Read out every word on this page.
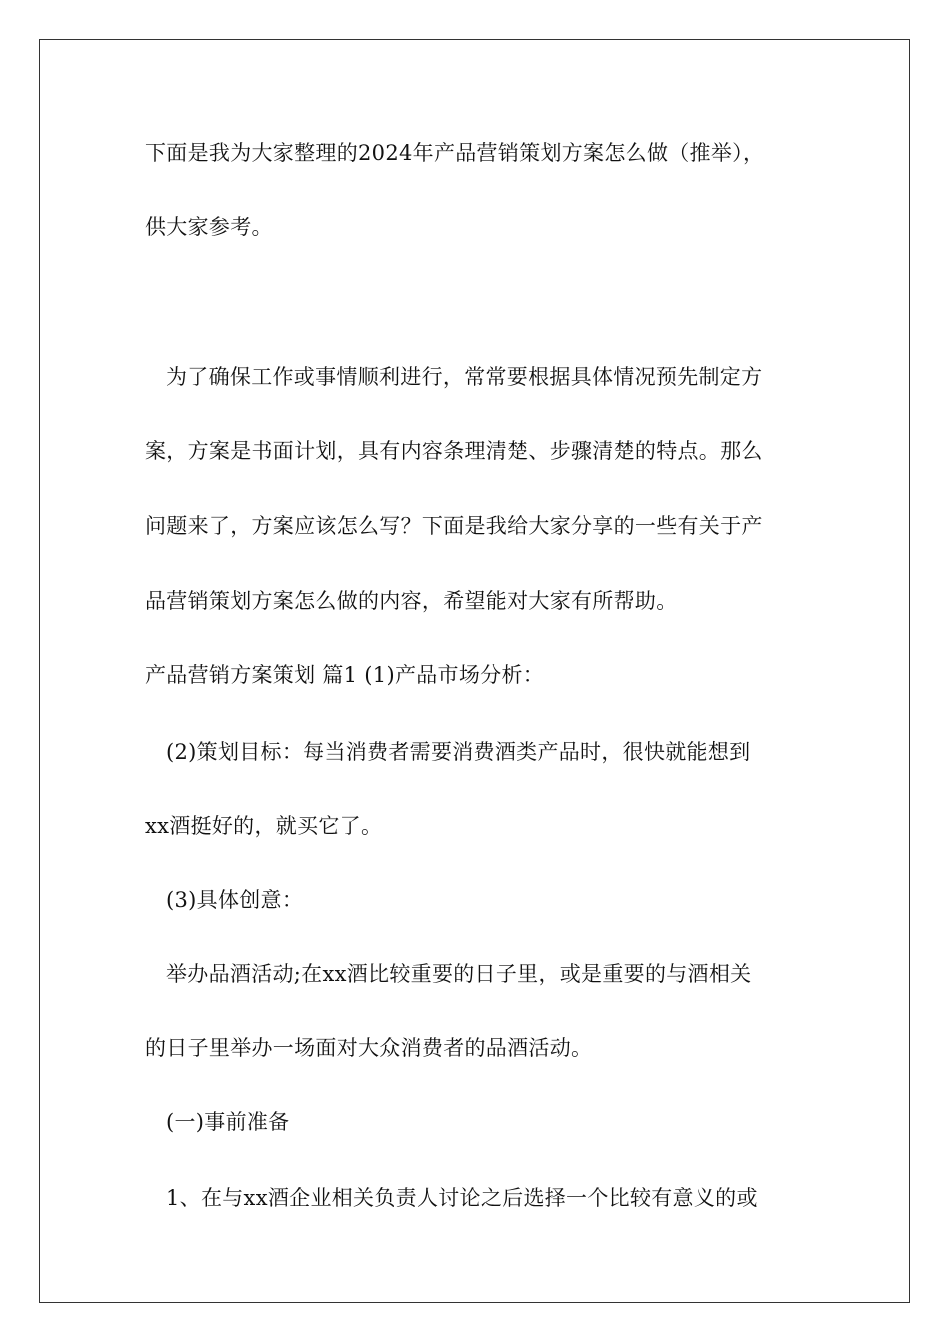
下面是我为大家整理的2024年产品营销策划方案怎么做（推举），
供大家参考。
为了确保工作或事情顺利进行，常常要根据具体情况预先制定方
案，方案是书面计划，具有内容条理清楚、步骤清楚的特点。那么
问题来了，方案应该怎么写？下面是我给大家分享的一些有关于产
品营销策划方案怎么做的内容，希望能对大家有所帮助。
产品营销方案策划 篇1 (1)产品市场分析：
(2)策划目标：每当消费者需要消费酒类产品时，很快就能想到
xx酒挺好的，就买它了。
(3)具体创意：
举办品酒活动;在xx酒比较重要的日子里，或是重要的与酒相关
的日子里举办一场面对大众消费者的品酒活动。
(一)事前准备
1、在与xx酒企业相关负责人讨论之后选择一个比较有意义的或
